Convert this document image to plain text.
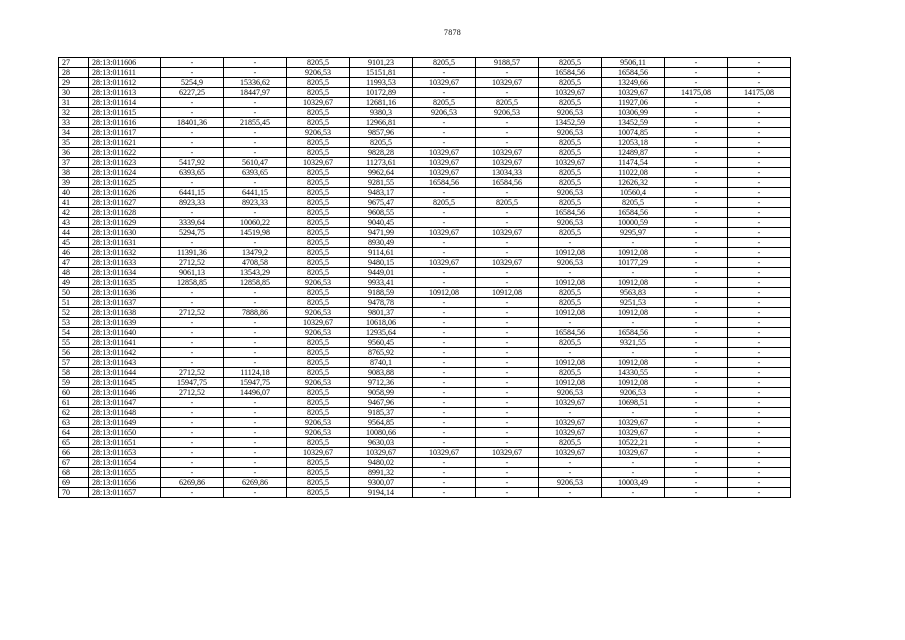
7878
27	28:13:011606	-	-	8205,5	9101,23	8205,5	9188,57	8205,5	9506,11	-	-
28	28:13:011611	-	-	9206,53	15151,81	-	-	16584,56	16584,56	-	-
29	28:13:011612	5254,9	15336,62	8205,5	11993,53	10329,67	10329,67	8205,5	13249,66	-	-
30	28:13:011613	6227,25	18447,97	8205,5	10172,89	-	-	10329,67	10329,67	14175,08	14175,08
31	28:13:011614	-	-	10329,67	12681,16	8205,5	8205,5	8205,5	11927,06	-	-
32	28:13:011615	-	-	8205,5	9380,3	9206,53	9206,53	9206,53	10306,99	-	-
33	28:13:011616	18401,36	21855,45	8205,5	12966,81	-	-	13452,59	13452,59	-	-
34	28:13:011617	-	-	9206,53	9857,96	-	-	9206,53	10074,85	-	-
35	28:13:011621	-	-	8205,5	8205,5	-	-	8205,5	12053,18	-	-
36	28:13:011622	-	-	8205,5	9828,28	10329,67	10329,67	8205,5	12489,87	-	-
37	28:13:011623	5417,92	5610,47	10329,67	11273,61	10329,67	10329,67	10329,67	11474,54	-	-
38	28:13:011624	6393,65	6393,65	8205,5	9962,64	10329,67	13034,33	8205,5	11022,08	-	-
39	28:13:011625	-	-	8205,5	9281,55	16584,56	16584,56	8205,5	12626,32	-	-
40	28:13:011626	6441,15	6441,15	8205,5	9483,17	-	-	9206,53	10560,4	-	-
41	28:13:011627	8923,33	8923,33	8205,5	9675,47	8205,5	8205,5	8205,5	8205,5	-	-
42	28:13:011628	-	-	8205,5	9608,55	-	-	16584,56	16584,56	-	-
43	28:13:011629	3339,64	10060,22	8205,5	9040,45	-	-	9206,53	10000,59	-	-
44	28:13:011630	5294,75	14519,98	8205,5	9471,99	10329,67	10329,67	8205,5	9295,97	-	-
45	28:13:011631	-	-	8205,5	8930,49	-	-	-	-	-	-
46	28:13:011632	11391,36	13479,2	8205,5	9114,61	-	-	10912,08	10912,08	-	-
47	28:13:011633	2712,52	4708,58	8205,5	9480,15	10329,67	10329,67	9206,53	10177,29	-	-
48	28:13:011634	9061,13	13543,29	8205,5	9449,01	-	-	-	-	-	-
49	28:13:011635	12858,85	12858,85	9206,53	9933,41	-	-	10912,08	10912,08	-	-
50	28:13:011636	-	-	8205,5	9188,59	10912,08	10912,08	8205,5	9563,83	-	-
51	28:13:011637	-	-	8205,5	9478,78	-	-	8205,5	9251,53	-	-
52	28:13:011638	2712,52	7888,86	9206,53	9801,37	-	-	10912,08	10912,08	-	-
53	28:13:011639	-	-	10329,67	10618,06	-	-	-	-	-	-
54	28:13:011640	-	-	9206,53	12935,64	-	-	16584,56	16584,56	-	-
55	28:13:011641	-	-	8205,5	9560,45	-	-	8205,5	9321,55	-	-
56	28:13:011642	-	-	8205,5	8765,92	-	-	-	-	-	-
57	28:13:011643	-	-	8205,5	8740,1	-	-	10912,08	10912,08	-	-
58	28:13:011644	2712,52	11124,18	8205,5	9083,88	-	-	8205,5	14330,55	-	-
59	28:13:011645	15947,75	15947,75	9206,53	9712,36	-	-	10912,08	10912,08	-	-
60	28:13:011646	2712,52	14496,07	8205,5	9058,99	-	-	9206,53	9206,53	-	-
61	28:13:011647	-	-	8205,5	9467,96	-	-	10329,67	10698,51	-	-
62	28:13:011648	-	-	8205,5	9185,37	-	-	-	-	-	-
63	28:13:011649	-	-	9206,53	9564,85	-	-	10329,67	10329,67	-	-
64	28:13:011650	-	-	9206,53	10080,66	-	-	10329,67	10329,67	-	-
65	28:13:011651	-	-	8205,5	9630,03	-	-	8205,5	10522,21	-	-
66	28:13:011653	-	-	10329,67	10329,67	10329,67	10329,67	10329,67	10329,67	-	-
67	28:13:011654	-	-	8205,5	9480,02	-	-	-	-	-	-
68	28:13:011655	-	-	8205,5	8991,32	-	-	-	-	-	-
69	28:13:011656	6269,86	6269,86	8205,5	9300,07	-	-	9206,53	10003,49	-	-
70	28:13:011657	-	-	8205,5	9194,14	-	-	-	-	-	-
